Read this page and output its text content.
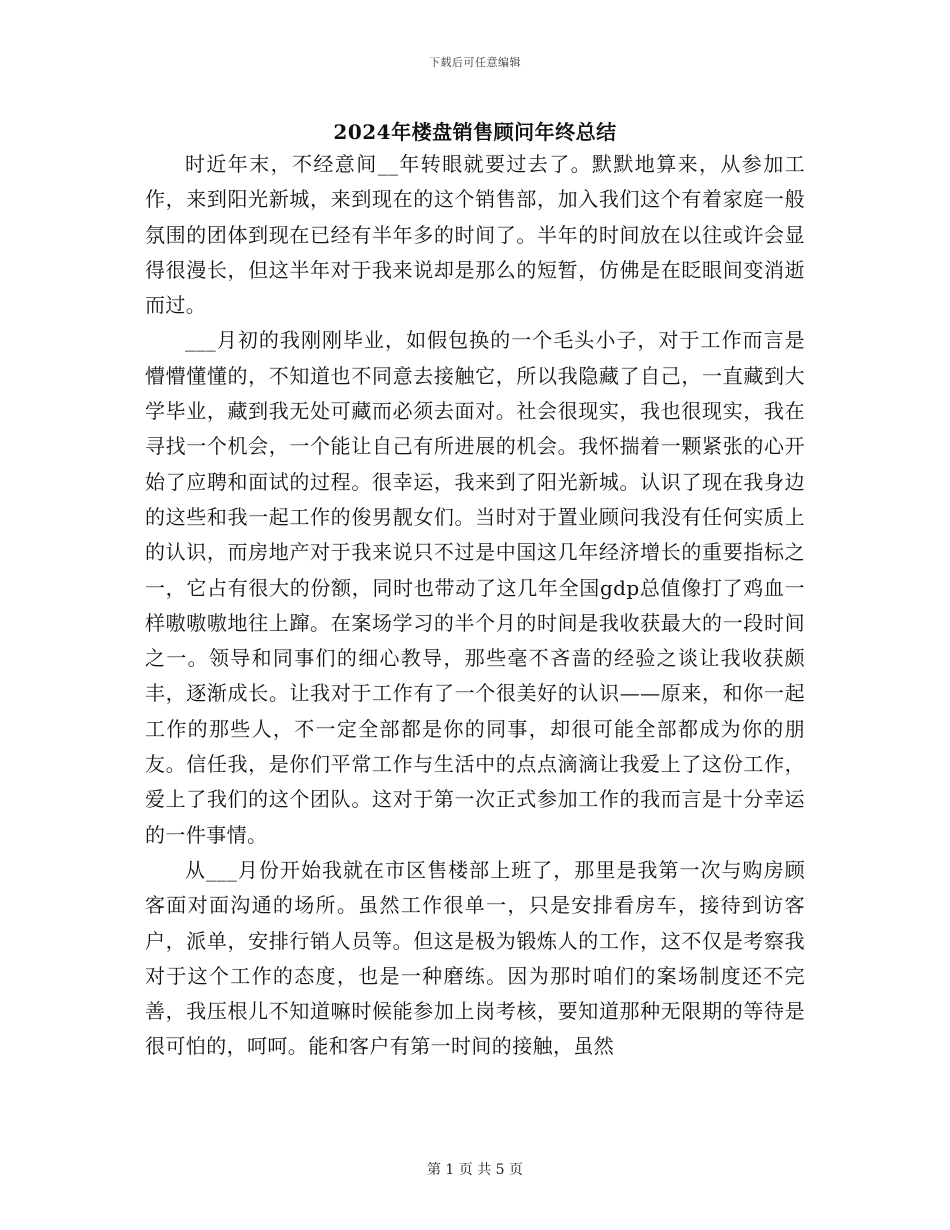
下载后可任意编辑
2024年楼盘销售顾问年终总结

时近年末，不经意间__年转眼就要过去了。默默地算来，从参加工作，来到阳光新城，来到现在的这个销售部，加入我们这个有着家庭一般氛围的团体到现在已经有半年多的时间了。半年的时间放在以往或许会显得很漫长，但这半年对于我来说却是那么的短暂，仿佛是在眨眼间变消逝而过。

___月初的我刚刚毕业，如假包换的一个毛头小子，对于工作而言是懵懵懂懂的，不知道也不同意去接触它，所以我隐藏了自己，一直藏到大学毕业，藏到我无处可藏而必须去面对。社会很现实，我也很现实，我在寻找一个机会，一个能让自己有所进展的机会。我怀揣着一颗紧张的心开始了应聘和面试的过程。很幸运，我来到了阳光新城。认识了现在我身边的这些和我一起工作的俊男靓女们。当时对于置业顾问我没有任何实质上的认识，而房地产对于我来说只不过是中国这几年经济增长的重要指标之一，它占有很大的份额，同时也带动了这几年全国gdp总值像打了鸡血一样嗷嗷嗷地往上蹿。在案场学习的半个月的时间是我收获最大的一段时间之一。领导和同事们的细心教导，那些毫不吝啬的经验之谈让我收获颇丰，逐渐成长。让我对于工作有了一个很美好的认识——原来，和你一起工作的那些人，不一定全部都是你的同事，却很可能全部都成为你的朋友。信任我，是你们平常工作与生活中的点点滴滴让我爱上了这份工作，爱上了我们的这个团队。这对于第一次正式参加工作的我而言是十分幸运的一件事情。

从___月份开始我就在市区售楼部上班了，那里是我第一次与购房顾客面对面沟通的场所。虽然工作很单一，只是安排看房车，接待到访客户，派单，安排行销人员等。但这是极为锻炼人的工作，这不仅是考察我对于这个工作的态度，也是一种磨练。因为那时咱们的案场制度还不完善，我压根儿不知道嘛时候能参加上岗考核，要知道那种无限期的等待是很可怕的，呵呵。能和客户有第一时间的接触，虽然

第 1 页 共 5 页
